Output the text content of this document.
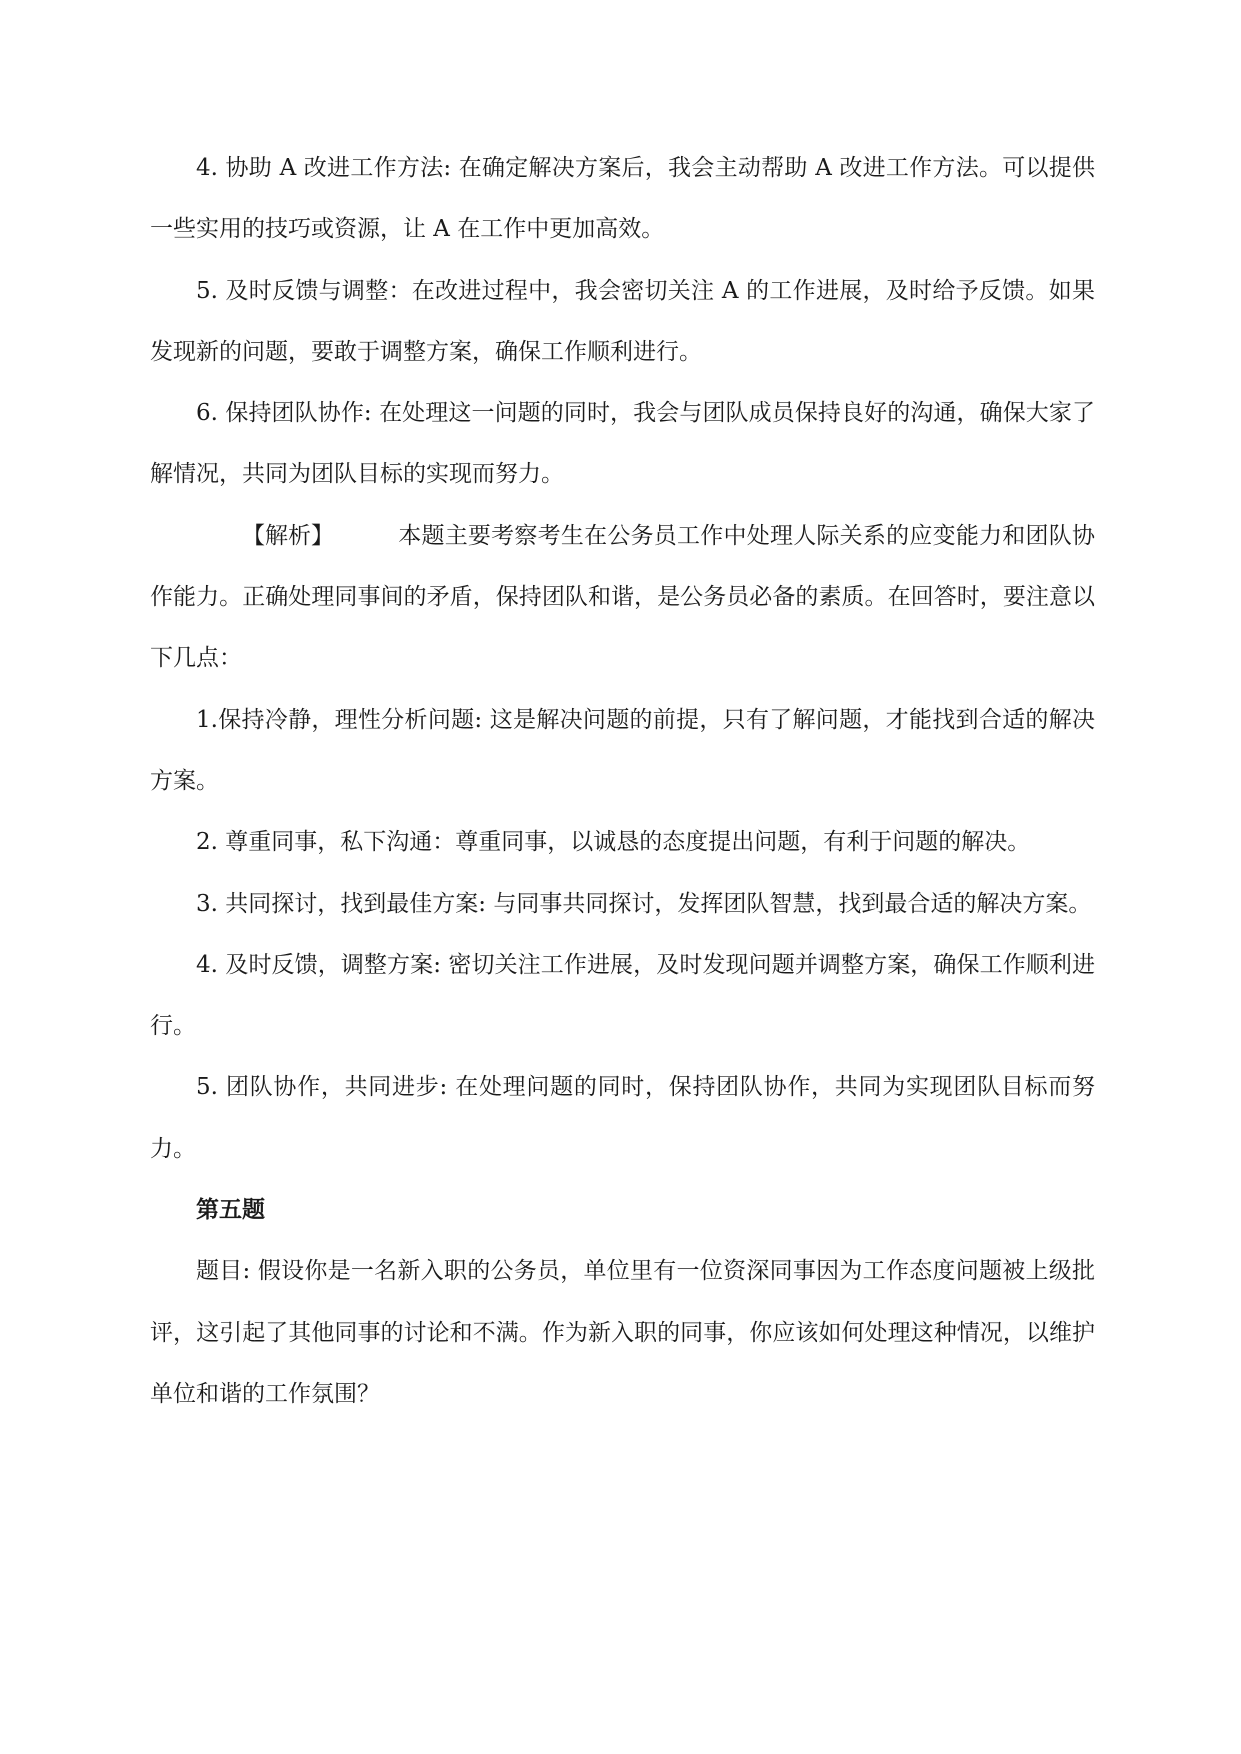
4. 协助 A 改进工作方法: 在确定解决方案后，我会主动帮助 A 改进工作方法。可以提供一些实用的技巧或资源，让 A 在工作中更加高效。

5. 及时反馈与调整：在改进过程中，我会密切关注 A 的工作进展，及时给予反馈。如果发现新的问题，要敢于调整方案，确保工作顺利进行。

6. 保持团队协作: 在处理这一问题的同时，我会与团队成员保持良好的沟通，确保大家了解情况，共同为团队目标的实现而努力。

【解析】	本题主要考察考生在公务员工作中处理人际关系的应变能力和团队协作能力。正确处理同事间的矛盾，保持团队和谐，是公务员必备的素质。在回答时，要注意以下几点：

1.保持冷静，理性分析问题: 这是解决问题的前提，只有了解问题，才能找到合适的解决方案。

2. 尊重同事，私下沟通：尊重同事，以诚恳的态度提出问题，有利于问题的解决。

3. 共同探讨，找到最佳方案: 与同事共同探讨，发挥团队智慧，找到最合适的解决方案。

4. 及时反馈，调整方案: 密切关注工作进展，及时发现问题并调整方案，确保工作顺利进行。

5. 团队协作，共同进步: 在处理问题的同时，保持团队协作，共同为实现团队目标而努力。

第五题

题目: 假设你是一名新入职的公务员，单位里有一位资深同事因为工作态度问题被上级批评，这引起了其他同事的讨论和不满。作为新入职的同事，你应该如何处理这种情况，以维护单位和谐的工作氛围？
